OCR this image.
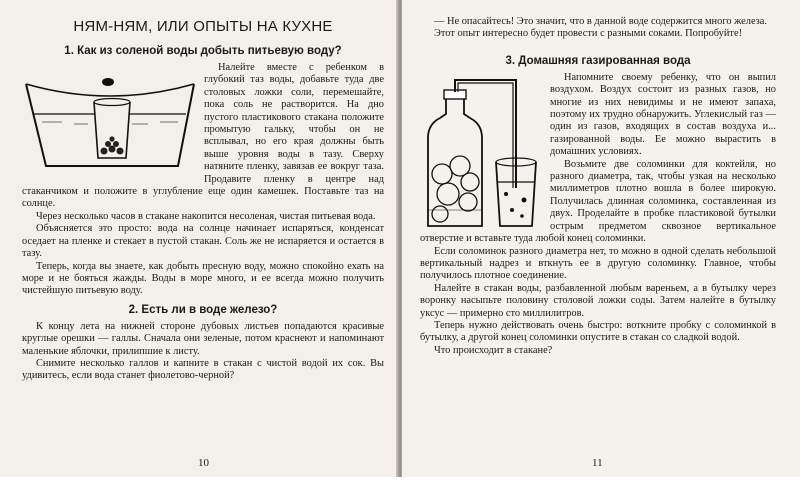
НЯМ-НЯМ, ИЛИ ОПЫТЫ НА КУХНЕ
1. Как из соленой воды добыть питьевую воду?

Налейте вместе с ребенком в глубокий таз воды, добавьте туда две столовых ложки соли, перемешайте, пока соль не растворится. На дно пустого пластикового стакана положите промытую гальку, чтобы он не всплывал, но его края должны быть выше уровня воды в тазу. Сверху натяните пленку, завязав ее вокруг таза. Продавите пленку в центре над стаканчиком и положите в углубление еще один камешек. Поставьте таз на солнце.

Через несколько часов в стакане накопится несоленая, чистая питьевая вода.

Объясняется это просто: вода на солнце начинает испаряться, конденсат оседает на пленке и стекает в пустой стакан. Соль же не испаряется и остается в тазу.

Теперь, когда вы знаете, как добыть пресную воду, можно спокойно ехать на море и не бояться жажды. Воды в море много, и ее всегда можно получить чистейшую питьевую воду.

2. Есть ли в воде железо?

К концу лета на нижней стороне дубовых листьев попадаются красивые круглые орешки — галлы. Сначала они зеленые, потом краснеют и напоминают маленькие яблочки, прилипшие к листу.

Снимите несколько галлов и капните в стакан с чистой водой их сок. Вы удивитесь, если вода станет фиолетово-черной?

10

— Не опасайтесь! Это значит, что в данной воде содержится много железа.

Этот опыт интересно будет провести с разными соками. Попробуйте!

3. Домашняя газированная вода

Напомните своему ребенку, что он выпил воздухом. Воздух состоит из разных газов, но многие из них невидимы и не имеют запаха, поэтому их трудно обнаружить. Углекислый газ — один из газов, входящих в состав воздуха и... газированной воды. Ее можно вырастить в домашних условиях.

Возьмите две соломинки для коктейля, но разного диаметра, так, чтобы узкая на несколько миллиметров плотно вошла в более широкую. Получилась длинная соломинка, составленная из двух. Проделайте в пробке пластиковой бутылки острым предметом сквозное вертикальное отверстие и вставьте туда любой конец соломинки.

Если соломинок разного диаметра нет, то можно в одной сделать небольшой вертикальный надрез и вткнуть ее в другую соломинку. Главное, чтобы получилось плотное соединение.

Налейте в стакан воды, разбавленной любым вареньем, а в бутылку через воронку насыпьте половину столовой ложки соды. Затем налейте в бутылку уксус — примерно сто миллилитров.

Теперь нужно действовать очень быстро: воткните пробку с соломинкой в бутылку, а другой конец соломинки опустите в стакан со сладкой водой.

Что происходит в стакане?

11
